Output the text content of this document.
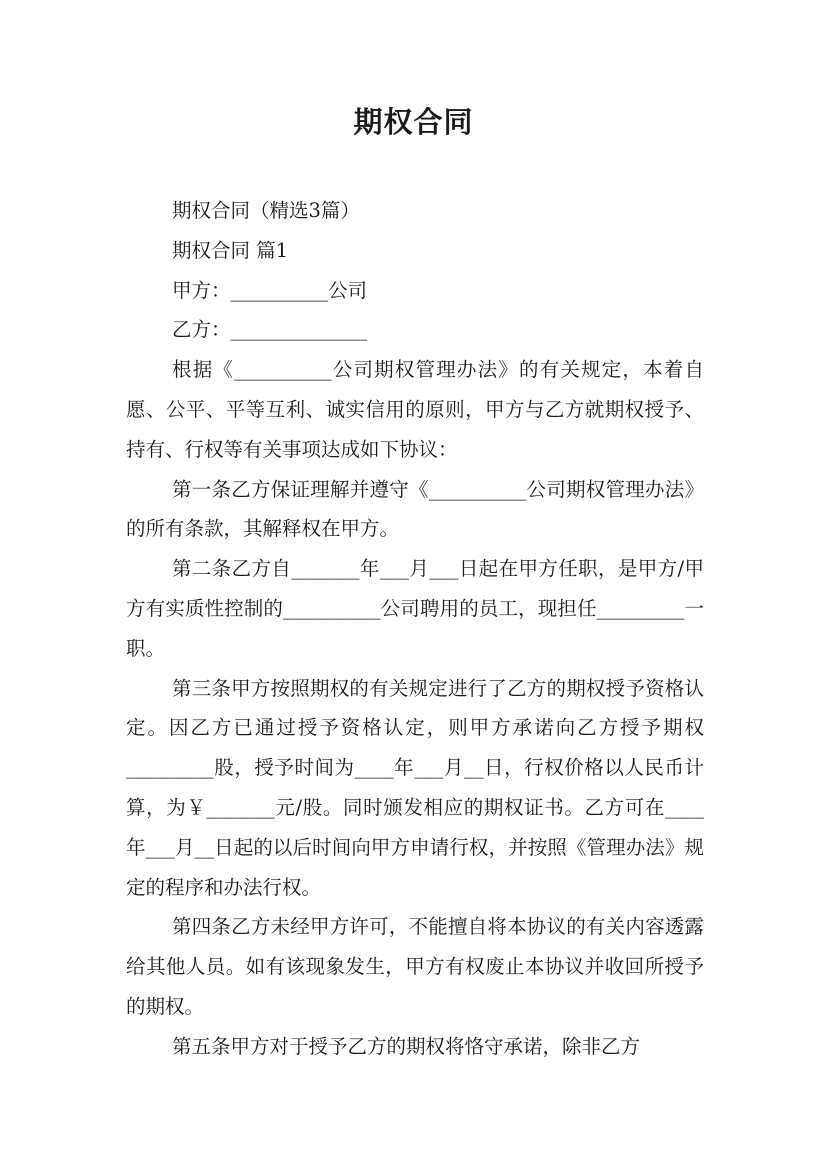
期权合同
期权合同（精选3篇）
期权合同 篇1
甲方：__________公司
乙方：______________

根据《__________公司期权管理办法》的有关规定，本着自愿、公平、平等互利、诚实信用的原则，甲方与乙方就期权授予、持有、行权等有关事项达成如下协议：

第一条乙方保证理解并遵守《__________公司期权管理办法》的所有条款，其解释权在甲方。

第二条乙方自_______年___月___日起在甲方任职，是甲方/甲方有实质性控制的__________公司聘用的员工，现担任_________一职。

第三条甲方按照期权的有关规定进行了乙方的期权授予资格认定。因乙方已通过授予资格认定，则甲方承诺向乙方授予期权_________股，授予时间为____年___月__日，行权价格以人民币计算，为￥_______元/股。同时颁发相应的期权证书。乙方可在____年___月__日起的以后时间向甲方申请行权，并按照《管理办法》规定的程序和办法行权。

第四条乙方未经甲方许可，不能擅自将本协议的有关内容透露给其他人员。如有该现象发生，甲方有权废止本协议并收回所授予的期权。

第五条甲方对于授予乙方的期权将恪守承诺，除非乙方
